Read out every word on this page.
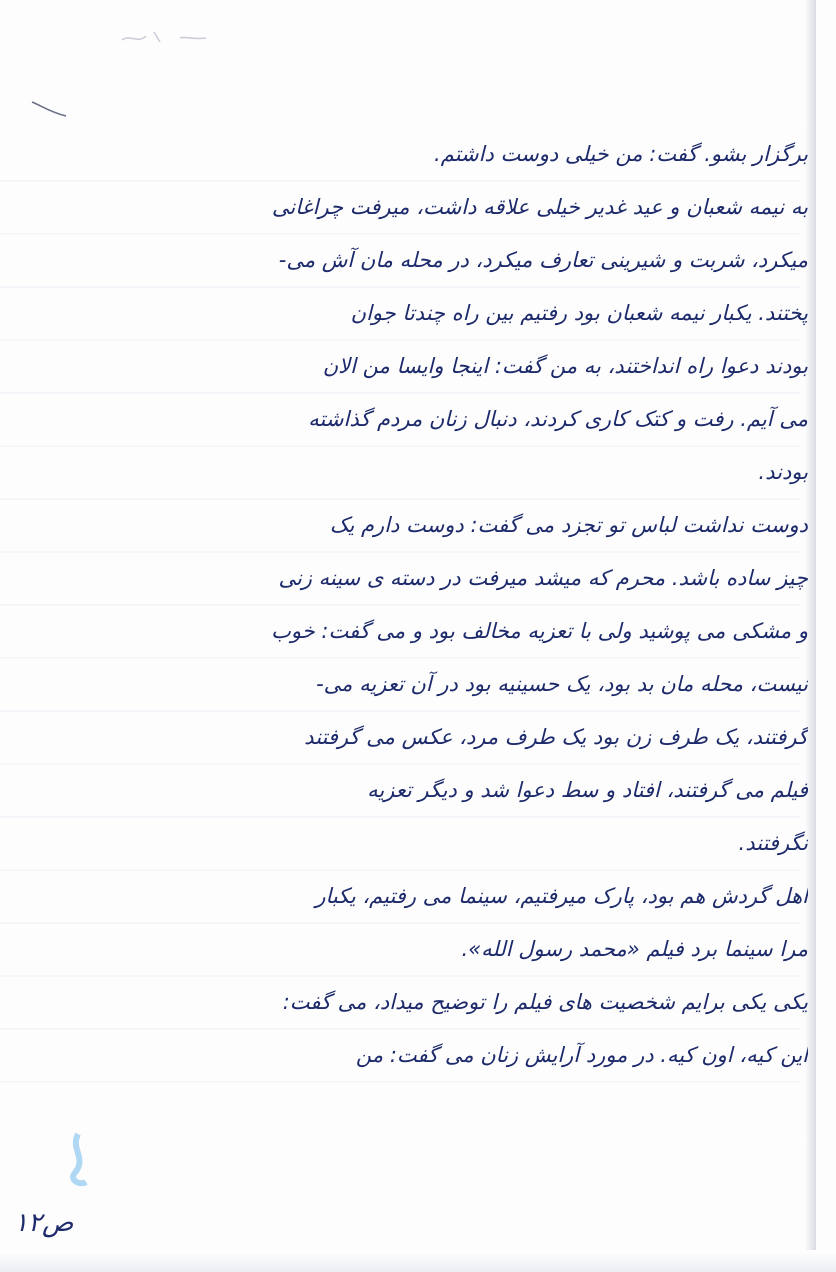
برگزار بشو. گفت: من خیلی دوست داشتم.
به نیمه شعبان و عید غدیر خیلی علاقه داشت، میرفت چراغانی
میکرد، شربت و شیرینی تعارف میکرد، در محله مان آش می-
پختند. یکبار نیمه شعبان بود رفتیم بین راه چندتا جوان
بودند دعوا راه انداختند، به من گفت: اینجا وایسا من الان
می آیم. رفت و کتک کاری کردند، دنبال زنان مردم گذاشته
بودند.
دوست نداشت لباس تو تجزد می گفت: دوست دارم یک
چیز ساده باشد. محرم که میشد میرفت در دسته ی سینه زنی
و مشکی می پوشید ولی با تعزیه مخالف بود و می گفت: خوب
نیست، محله مان بد بود، یک حسینیه بود در آن تعزیه می-
گرفتند، یک طرف زن بود یک طرف مرد، عکس می گرفتند
فیلم می گرفتند، افتاد و سط دعوا شد و دیگر تعزیه
نگرفتند.
اهل گردش هم بود، پارک میرفتیم، سینما می رفتیم، یکبار
مرا سینما برد فیلم «محمد رسول الله».
یکی یکی برایم شخصیت های فیلم را توضیح میداد، می گفت:
این کیه، اون کیه. در مورد آرایش زنان می گفت: من
ص۱۲
